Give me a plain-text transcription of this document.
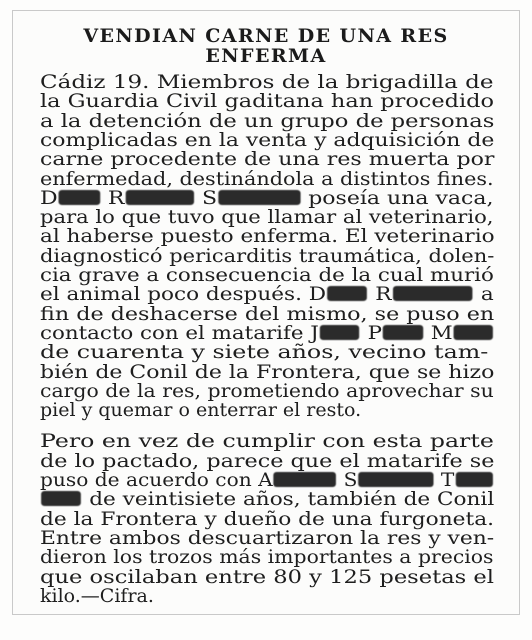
VENDIAN CARNE DE UNA RES
ENFERMA
Cádiz 19. Miembros de la brigadilla de
la Guardia Civil gaditana han procedido
a la detención de un grupo de personas
complicadas en la venta y adquisición de
carne procedente de una res muerta por
enfermedad, destinándola a distintos fines.
D R	S	poseía una vaca,
para lo que tuvo que llamar al veterinario,
al haberse puesto enferma. El veterinario
diagnosticó pericarditis traumática, dolen-
cia grave a consecuencia de la cual murió
el animal poco después. D R	a
fin de deshacerse del mismo, se puso en
contacto con el matarife J P M
de cuarenta y siete años, vecino tam-
bién de Conil de la Frontera, que se hizo
cargo de la res, prometiendo aprovechar su
piel y quemar o enterrar el resto.
Pero en vez de cumplir con esta parte
de lo pactado, parece que el matarife se
puso de acuerdo con A	S	T
de veintisiete años, también de Conil
de la Frontera y dueño de una furgoneta.
Entre ambos descuartizaron la res y ven-
dieron los trozos más importantes a precios
que oscilaban entre 80 y 125 pesetas el
kilo.—Cifra.
